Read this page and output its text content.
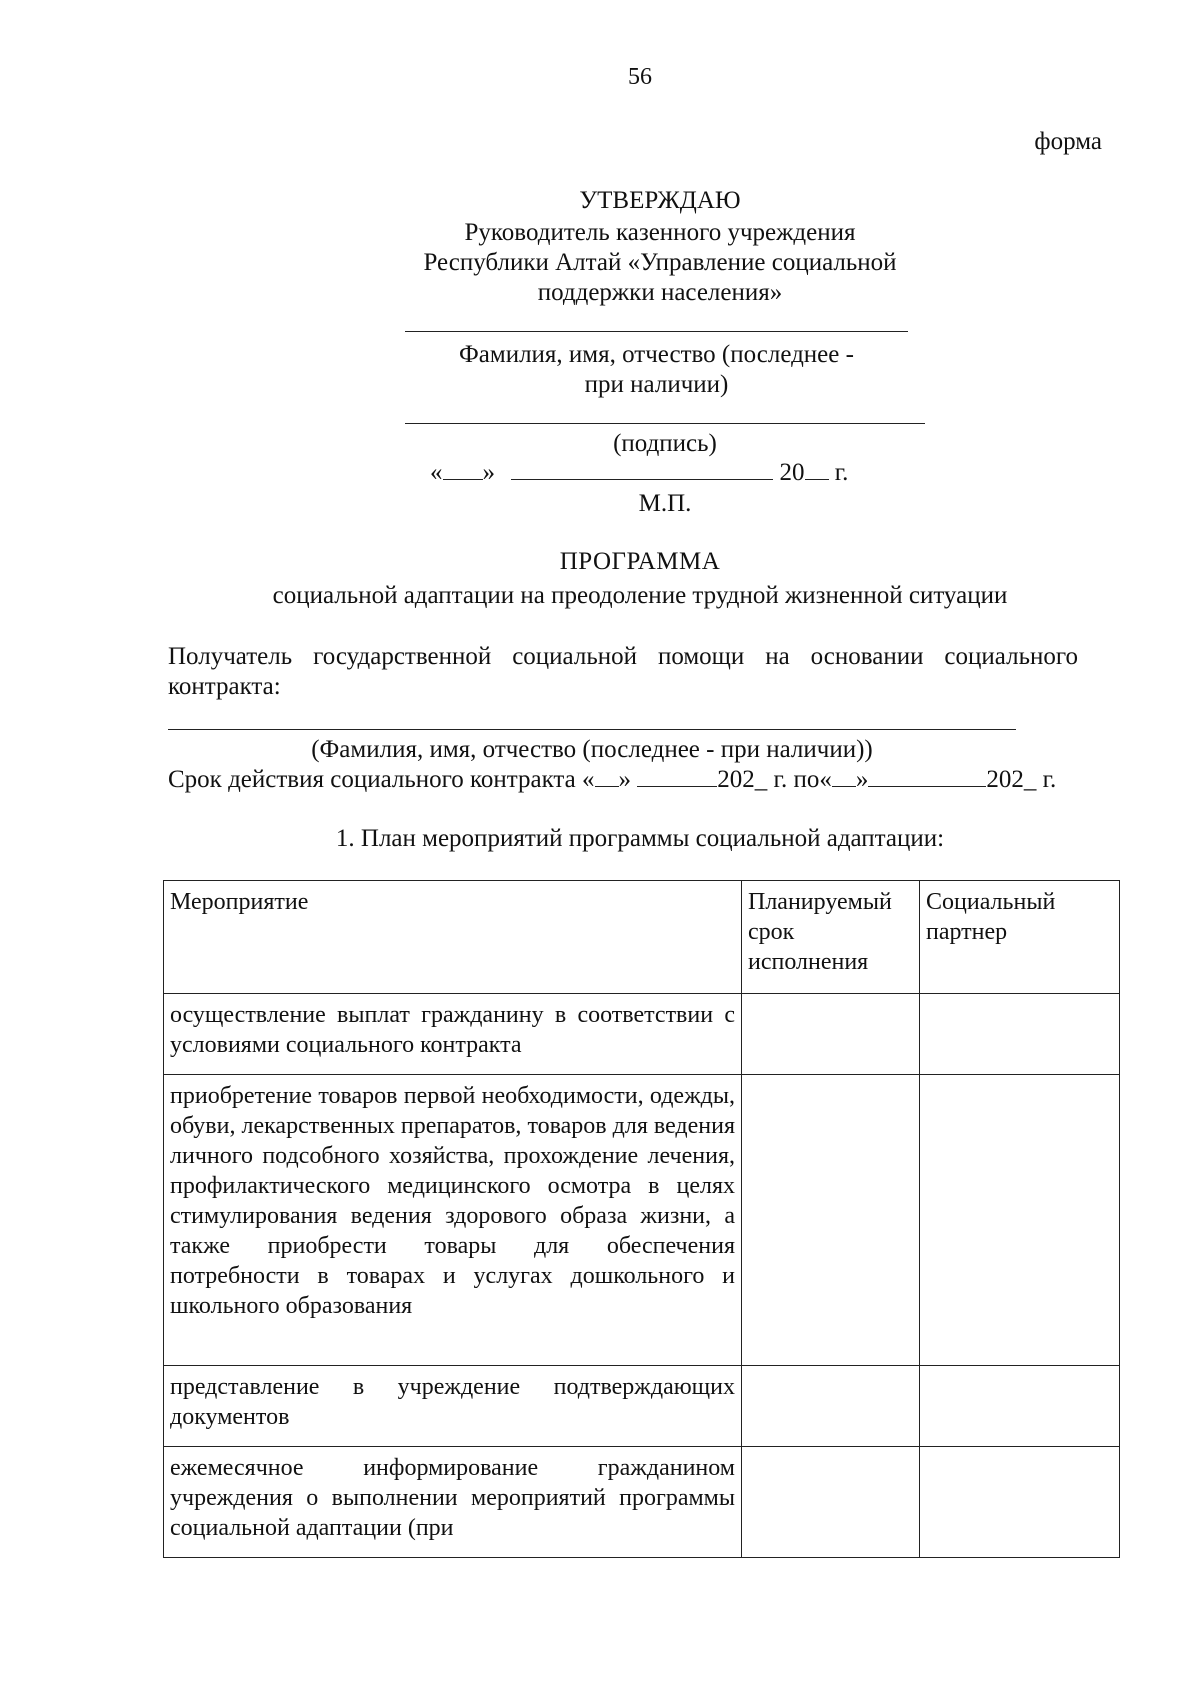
56
форма
УТВЕРЖДАЮ
Руководитель казенного учреждения
Республики Алтай «Управление социальной
поддержки населения»
Фамилия, имя, отчество (последнее -
при наличии)
(подпись)
« »	20 г.
М.П.
ПРОГРАММА
социальной адаптации на преодоление трудной жизненной ситуации
Получатель государственной социальной помощи на основании социального контракта:
(Фамилия, имя, отчество (последнее - при наличии))
Срок действия социального контракта « »	202_ г. по« »	202_ г.
1. План мероприятий программы социальной адаптации:
Мероприятие	Планируемый срок исполнения	Социальный партнер
осуществление выплат гражданину в соответствии с условиями социального контракта		
приобретение товаров первой необходимости, одежды, обуви, лекарственных препаратов, товаров для ведения личного подсобного хозяйства, прохождение лечения, профилактического медицинского осмотра в целях стимулирования ведения здорового образа жизни, а также приобрести товары для обеспечения потребности в товарах и услугах дошкольного и школьного образования		
представление в учреждение подтверждающих документов		
ежемесячное информирование гражданином учреждения о выполнении мероприятий программы социальной адаптации (при		
